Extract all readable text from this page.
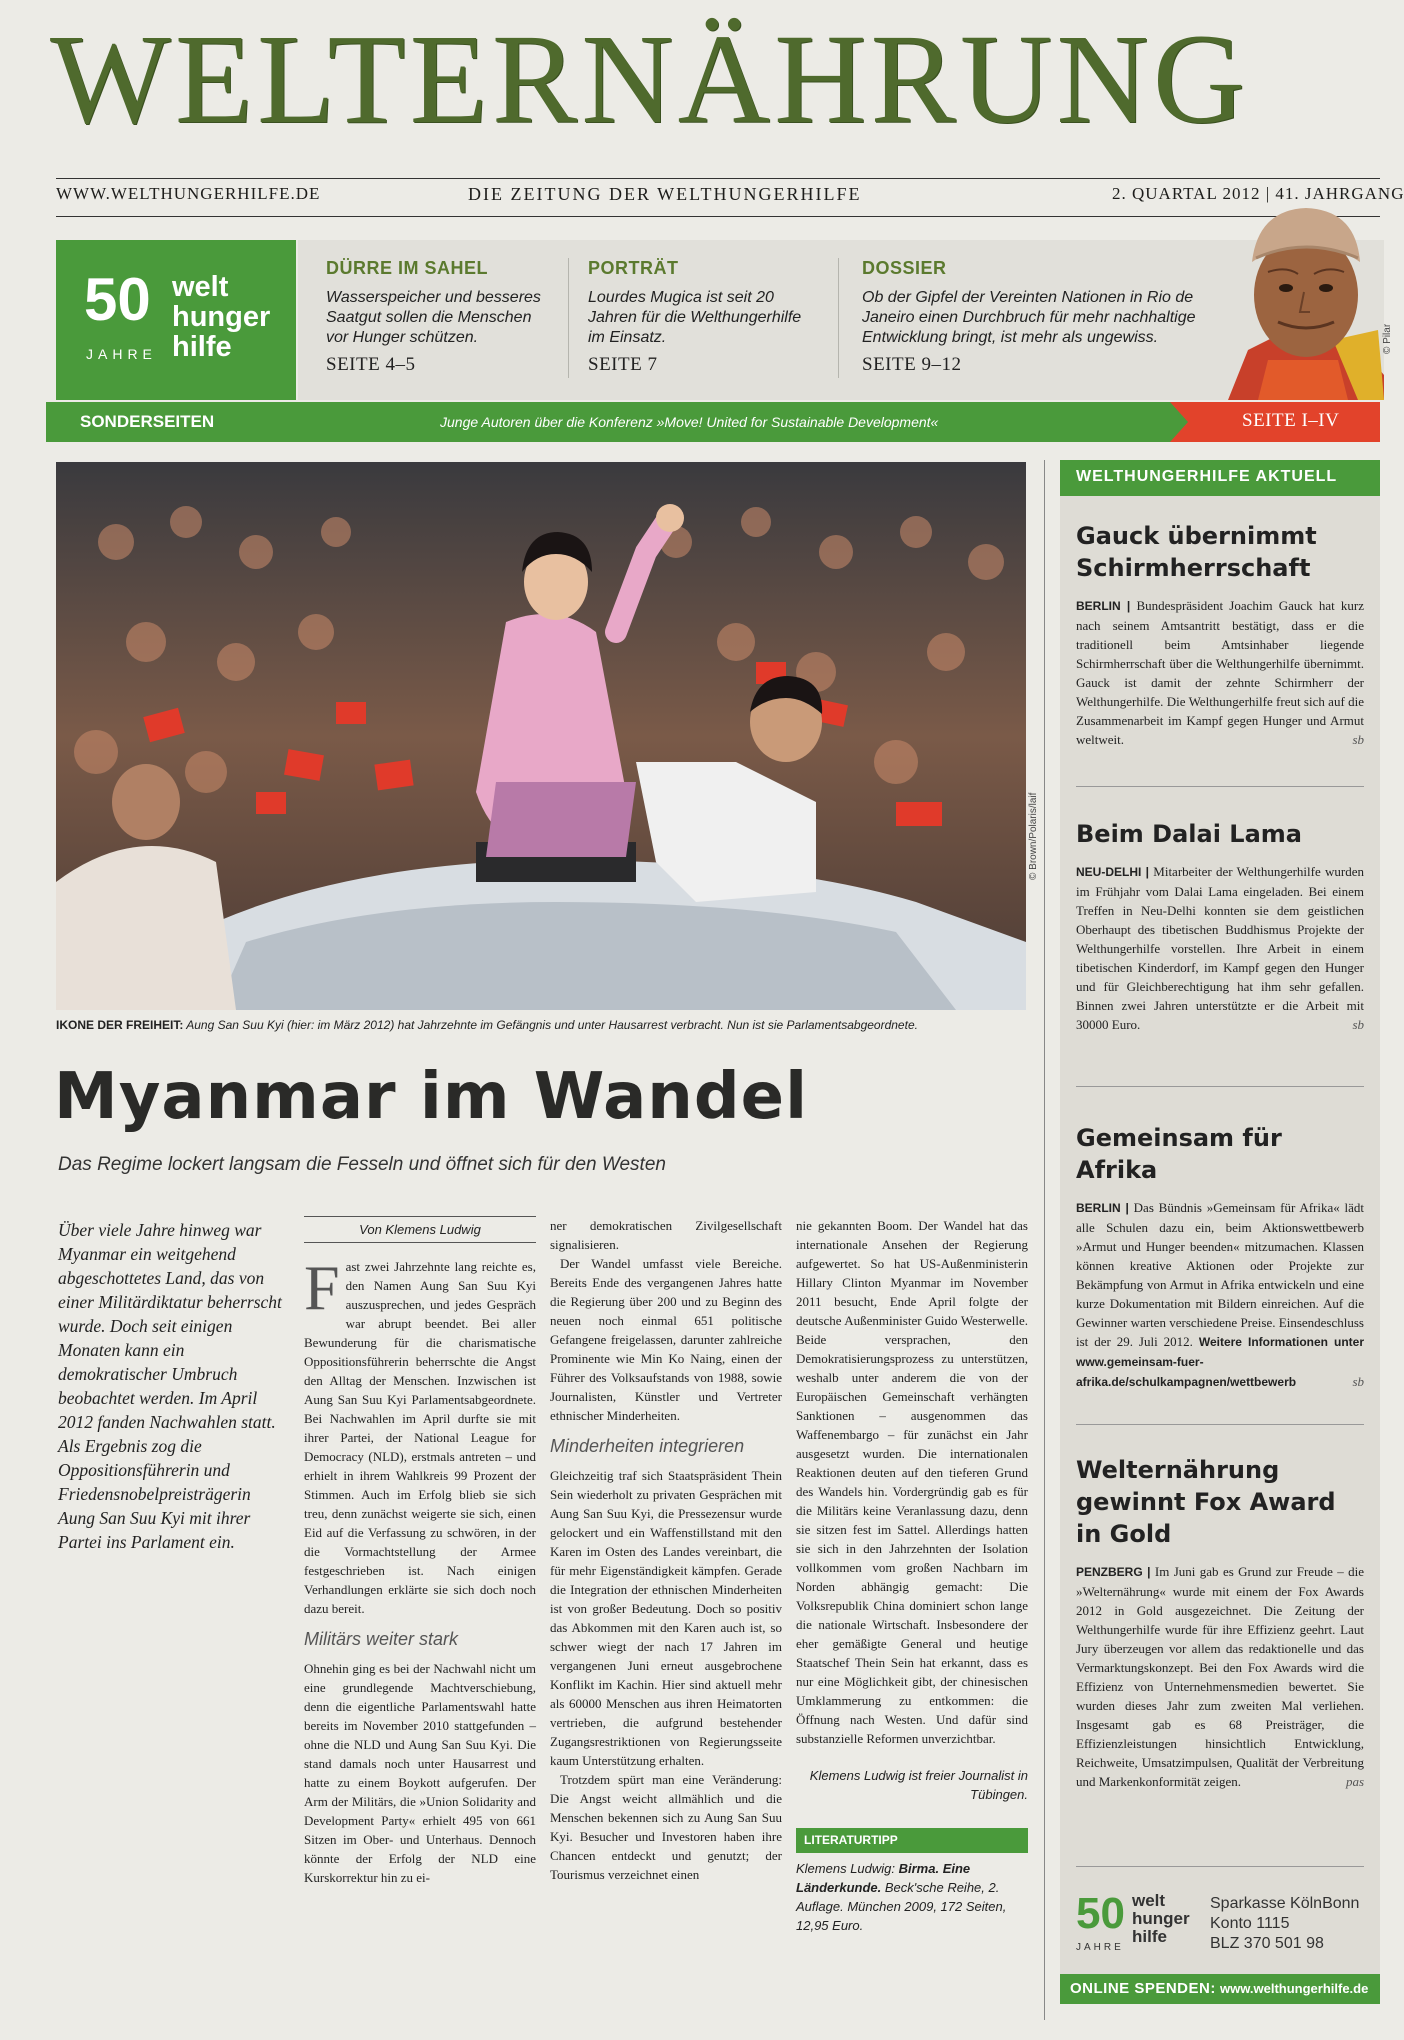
WELTERNÄHRUNG
WWW.WELTHUNGERHILFE.DE	DIE ZEITUNG DER WELTHUNGERHILFE	2. QUARTAL 2012 | 41. JAHRGANG
50 welt
hunger
hilfe
JAHRE
DÜRRE IM SAHEL
Wasserspeicher und besseres Saatgut sollen die Menschen vor Hunger schützen.
SEITE 4–5
PORTRÄT
Lourdes Mugica ist seit 20 Jahren für die Welthungerhilfe im Einsatz.
SEITE 7
DOSSIER
Ob der Gipfel der Vereinten Nationen in Rio de Janeiro einen Durchbruch für mehr nachhaltige Entwicklung bringt, ist mehr als ungewiss.
SEITE 9–12
© Pilar
SONDERSEITEN	Junge Autoren über die Konferenz »Move! United for Sustainable Development«	SEITE I–IV
© Brown/Polaris/laif
IKONE DER FREIHEIT: Aung San Suu Kyi (hier: im März 2012) hat Jahrzehnte im Gefängnis und unter Hausarrest verbracht. Nun ist sie Parlamentsabgeordnete.
Myanmar im Wandel
Das Regime lockert langsam die Fesseln und öffnet sich für den Westen
Über viele Jahre hinweg war Myanmar ein weitgehend abgeschottetes Land, das von einer Militärdiktatur beherrscht wurde. Doch seit einigen Monaten kann ein demokratischer Umbruch beobachtet werden. Im April 2012 fanden Nachwahlen statt. Als Ergebnis zog die Oppositionsführerin und Friedensnobelpreisträgerin Aung San Suu Kyi mit ihrer Partei ins Parlament ein.
Von Klemens Ludwig

Fast zwei Jahrzehnte lang reichte es, den Namen Aung San Suu Kyi auszusprechen, und jedes Gespräch war abrupt beendet. Bei aller Bewunderung für die charismatische Oppositionsführerin beherrschte die Angst den Alltag der Menschen. Inzwischen ist Aung San Suu Kyi Parlamentsabgeordnete. Bei Nachwahlen im April durfte sie mit ihrer Partei, der National League for Democracy (NLD), erstmals antreten – und erhielt in ihrem Wahlkreis 99 Prozent der Stimmen. Auch im Erfolg blieb sie sich treu, denn zunächst weigerte sie sich, einen Eid auf die Verfassung zu schwören, in der die Vormachtstellung der Armee festgeschrieben ist. Nach einigen Verhandlungen erklärte sie sich doch noch dazu bereit.

Militärs weiter stark

Ohnehin ging es bei der Nachwahl nicht um eine grundlegende Machtverschiebung, denn die eigentliche Parlamentswahl hatte bereits im November 2010 stattgefunden – ohne die NLD und Aung San Suu Kyi. Die stand damals noch unter Hausarrest und hatte zu einem Boykott aufgerufen. Der Arm der Militärs, die »Union Solidarity and Development Party« erhielt 495 von 661 Sitzen im Ober- und Unterhaus. Dennoch könnte der Erfolg der NLD eine Kurskorrektur hin zu ei-

ner demokratischen Zivilgesellschaft signalisieren.

Der Wandel umfasst viele Bereiche. Bereits Ende des vergangenen Jahres hatte die Regierung über 200 und zu Beginn des neuen noch einmal 651 politische Gefangene freigelassen, darunter zahlreiche Prominente wie Min Ko Naing, einen der Führer des Volksaufstands von 1988, sowie Journalisten, Künstler und Vertreter ethnischer Minderheiten.

Minderheiten integrieren

Gleichzeitig traf sich Staatspräsident Thein Sein wiederholt zu privaten Gesprächen mit Aung San Suu Kyi, die Pressezensur wurde gelockert und ein Waffenstillstand mit den Karen im Osten des Landes vereinbart, die für mehr Eigenständigkeit kämpfen. Gerade die Integration der ethnischen Minderheiten ist von großer Bedeutung. Doch so positiv das Abkommen mit den Karen auch ist, so schwer wiegt der nach 17 Jahren im vergangenen Juni erneut ausgebrochene Konflikt im Kachin. Hier sind aktuell mehr als 60000 Menschen aus ihren Heimatorten vertrieben, die aufgrund bestehender Zugangsrestriktionen von Regierungsseite kaum Unterstützung erhalten.

Trotzdem spürt man eine Veränderung: Die Angst weicht allmählich und die Menschen bekennen sich zu Aung San Suu Kyi. Besucher und Investoren haben ihre Chancen entdeckt und genutzt; der Tourismus verzeichnet einen

nie gekannten Boom. Der Wandel hat das internationale Ansehen der Regierung aufgewertet. So hat US-Außenministerin Hillary Clinton Myanmar im November 2011 besucht, Ende April folgte der deutsche Außenminister Guido Westerwelle. Beide versprachen, den Demokratisierungsprozess zu unterstützen, weshalb unter anderem die von der Europäischen Gemeinschaft verhängten Sanktionen – ausgenommen das Waffenembargo – für zunächst ein Jahr ausgesetzt wurden. Die internationalen Reaktionen deuten auf den tieferen Grund des Wandels hin. Vordergründig gab es für die Militärs keine Veranlassung dazu, denn sie sitzen fest im Sattel. Allerdings hatten sie sich in den Jahrzehnten der Isolation vollkommen vom großen Nachbarn im Norden abhängig gemacht: Die Volksrepublik China dominiert schon lange die nationale Wirtschaft. Insbesondere der eher gemäßigte General und heutige Staatschef Thein Sein hat erkannt, dass es nur eine Möglichkeit gibt, der chinesischen Umklammerung zu entkommen: die Öffnung nach Westen. Und dafür sind substanzielle Reformen unverzichtbar.

Klemens Ludwig ist freier Journalist in Tübingen.
LITERATURTIPP
Klemens Ludwig: Birma. Eine Länderkunde. Beck'sche Reihe, 2. Auflage. München 2009, 172 Seiten, 12,95 Euro.
WELTHUNGERHILFE AKTUELL
Gauck übernimmt Schirmherrschaft
BERLIN | Bundespräsident Joachim Gauck hat kurz nach seinem Amtsantritt bestätigt, dass er die traditionell beim Amtsinhaber liegende Schirmherrschaft über die Welthungerhilfe übernimmt. Gauck ist damit der zehnte Schirmherr der Welthungerhilfe. Die Welthungerhilfe freut sich auf die Zusammenarbeit im Kampf gegen Hunger und Armut weltweit.	sb
Beim Dalai Lama
NEU-DELHI | Mitarbeiter der Welthungerhilfe wurden im Frühjahr vom Dalai Lama eingeladen. Bei einem Treffen in Neu-Delhi konnten sie dem geistlichen Oberhaupt des tibetischen Buddhismus Projekte der Welthungerhilfe vorstellen. Ihre Arbeit in einem tibetischen Kinderdorf, im Kampf gegen den Hunger und für Gleichberechtigung hat ihm sehr gefallen. Binnen zwei Jahren unterstützte er die Arbeit mit 30000 Euro.	sb
Gemeinsam für Afrika
BERLIN | Das Bündnis »Gemeinsam für Afrika« lädt alle Schulen dazu ein, beim Aktionswettbewerb »Armut und Hunger beenden« mitzumachen. Klassen können kreative Aktionen oder Projekte zur Bekämpfung von Armut in Afrika entwickeln und eine kurze Dokumentation mit Bildern einreichen. Auf die Gewinner warten verschiedene Preise. Einsendeschluss ist der 29. Juli 2012. Weitere Informationen unter www.gemeinsam-fuer-afrika.de/schulkampagnen/wettbewerb	sb
Welternährung gewinnt Fox Award in Gold
PENZBERG | Im Juni gab es Grund zur Freude – die »Welternährung« wurde mit einem der Fox Awards 2012 in Gold ausgezeichnet. Die Zeitung der Welthungerhilfe wurde für ihre Effizienz geehrt. Laut Jury überzeugen vor allem das redaktionelle und das Vermarktungskonzept. Bei den Fox Awards wird die Effizienz von Unternehmensmedien bewertet. Sie wurden dieses Jahr zum zweiten Mal verliehen. Insgesamt gab es 68 Preisträger, die Effizienzleistungen hinsichtlich Entwicklung, Reichweite, Umsatzimpulsen, Qualität der Verbreitung und Markenkonformität zeigen.	pas
50 welt
hunger
hilfe
JAHRE
Sparkasse KölnBonn
Konto 1115
BLZ 370 501 98
ONLINE SPENDEN: www.welthungerhilfe.de
